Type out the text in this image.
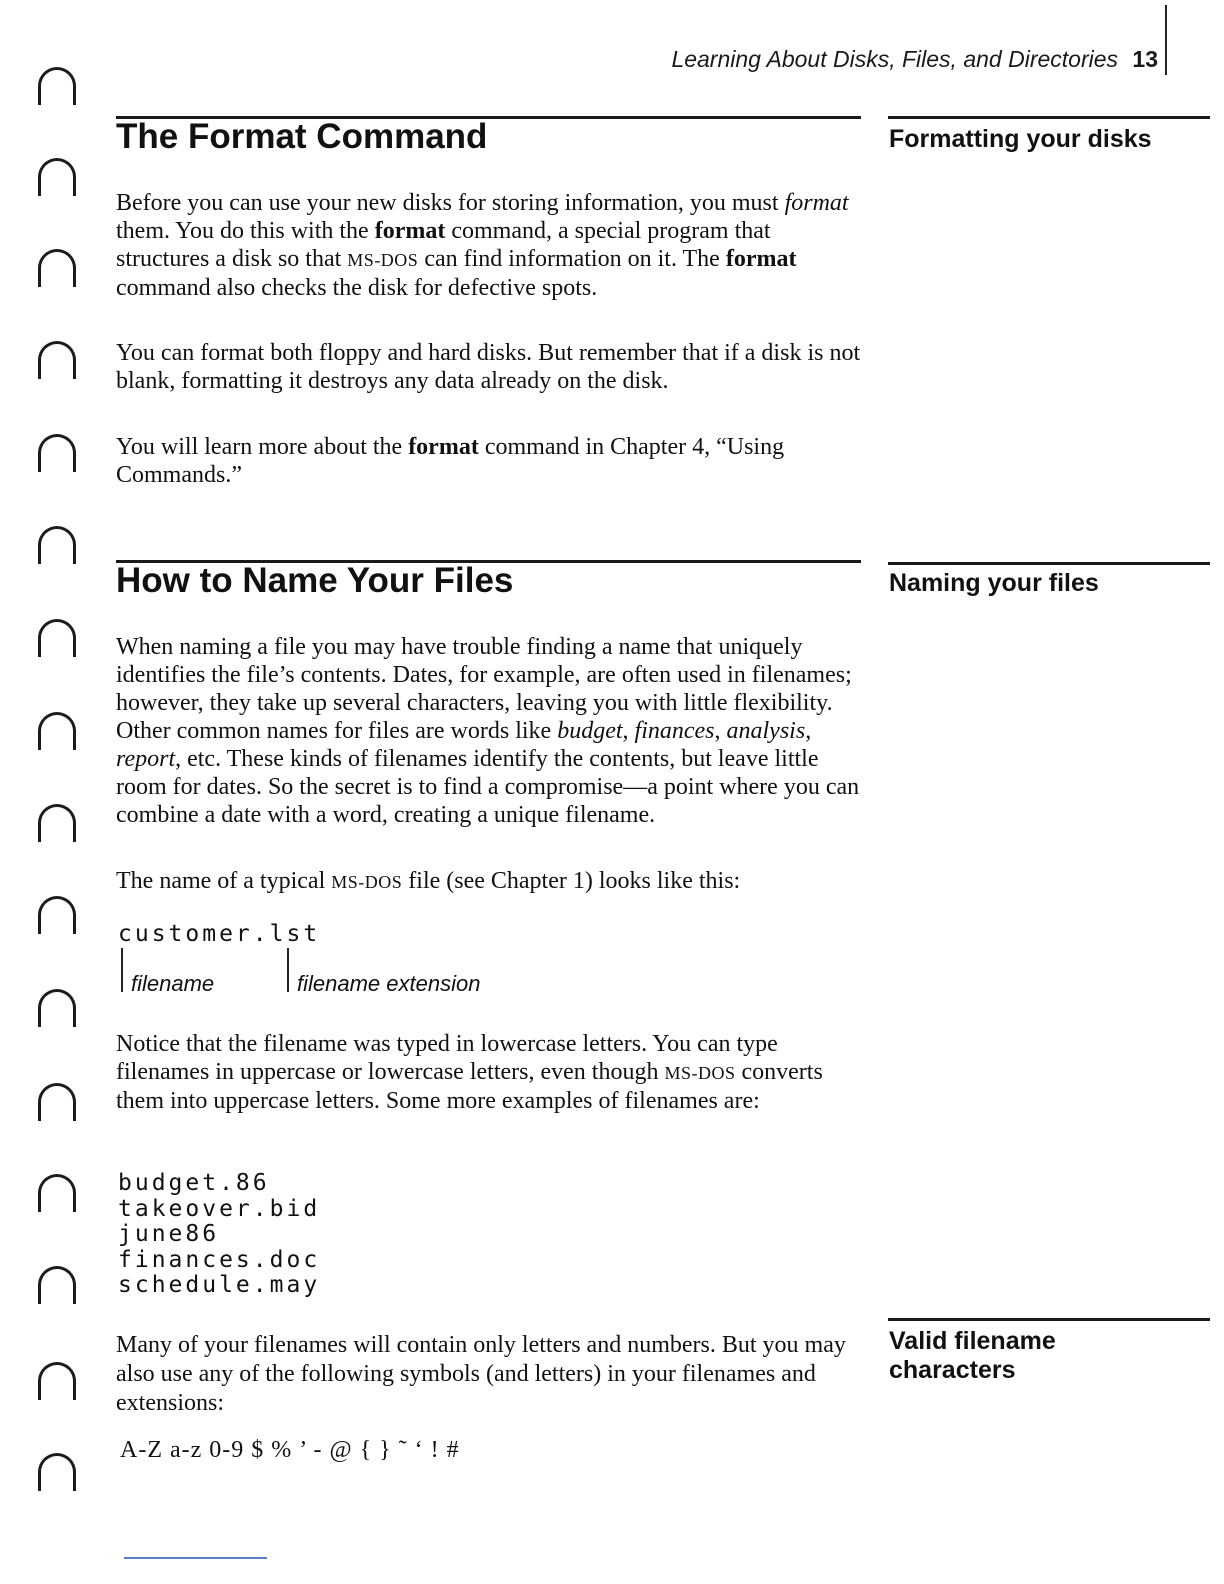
Learning About Disks, Files, and Directories 13
The Format Command	Formatting your disks
Before you can use your new disks for storing information, you must format them. You do this with the format command, a special program that structures a disk so that MS-DOS can find information on it. The format command also checks the disk for defective spots.
You can format both floppy and hard disks. But remember that if a disk is not blank, formatting it destroys any data already on the disk.
You will learn more about the format command in Chapter 4, “Using Commands.”
How to Name Your Files	Naming your files
When naming a file you may have trouble finding a name that uniquely identifies the file’s contents. Dates, for example, are often used in filenames; however, they take up several characters, leaving you with little flexibility. Other common names for files are words like budget, finances, analysis, report, etc. These kinds of filenames identify the contents, but leave little room for dates. So the secret is to find a compromise—a point where you can combine a date with a word, creating a unique filename.
The name of a typical MS-DOS file (see Chapter 1) looks like this:
customer.lst
filename	filename extension
Notice that the filename was typed in lowercase letters. You can type filenames in uppercase or lowercase letters, even though MS-DOS converts them into uppercase letters. Some more examples of filenames are:
budget.86
takeover.bid
june86
finances.doc
schedule.may
Valid filename
characters
Many of your filenames will contain only letters and numbers. But you may also use any of the following symbols (and letters) in your filenames and extensions:
A-Z a-z 0-9 $ % ’ - @ { } ˜ ‘ ! #
